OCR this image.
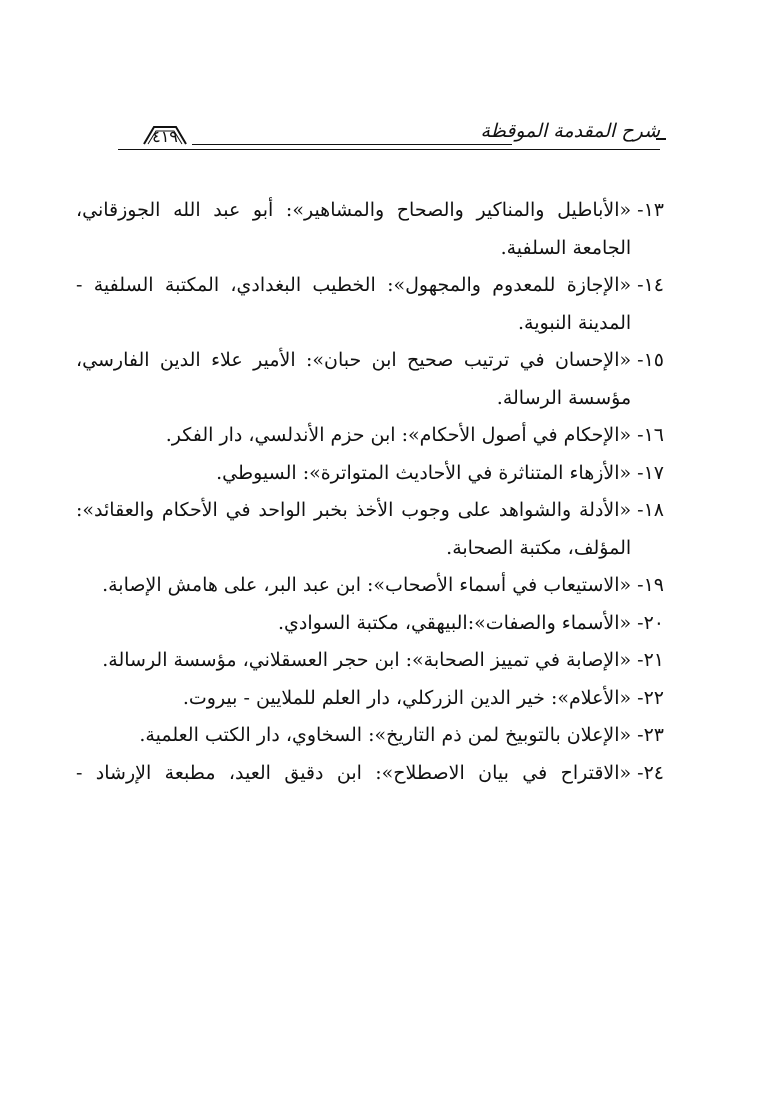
شرح المقدمة الموقظة
٤١٩
١٣-
«الأباطيل والمناكير والصحاح والمشاهير»: أبو عبد الله الجوزقاني، الجامعة السلفية.
١٤-
«الإجازة للمعدوم والمجهول»: الخطيب البغدادي، المكتبة السلفية - المدينة النبوية.
١٥-
«الإحسان في ترتيب صحيح ابن حبان»: الأمير علاء الدين الفارسي، مؤسسة الرسالة.
١٦-
«الإحكام في أصول الأحكام»: ابن حزم الأندلسي، دار الفكر.
١٧-
«الأزهاء المتناثرة في الأحاديث المتواترة»: السيوطي.
١٨-
«الأدلة والشواهد على وجوب الأخذ بخبر الواحد في الأحكام والعقائد»: المؤلف، مكتبة الصحابة.
١٩-
«الاستيعاب في أسماء الأصحاب»: ابن عبد البر، على هامش الإصابة.
٢٠-
«الأسماء والصفات»:البيهقي، مكتبة السوادي.
٢١-
«الإصابة في تمييز الصحابة»: ابن حجر العسقلاني، مؤسسة الرسالة.
٢٢-
«الأعلام»: خير الدين الزركلي، دار العلم للملايين - بيروت.
٢٣-
«الإعلان بالتوبيخ لمن ذم التاريخ»: السخاوي، دار الكتب العلمية.
٢٤-
«الاقتراح في بيان الاصطلاح»: ابن دقيق العيد، مطبعة الإرشاد -
